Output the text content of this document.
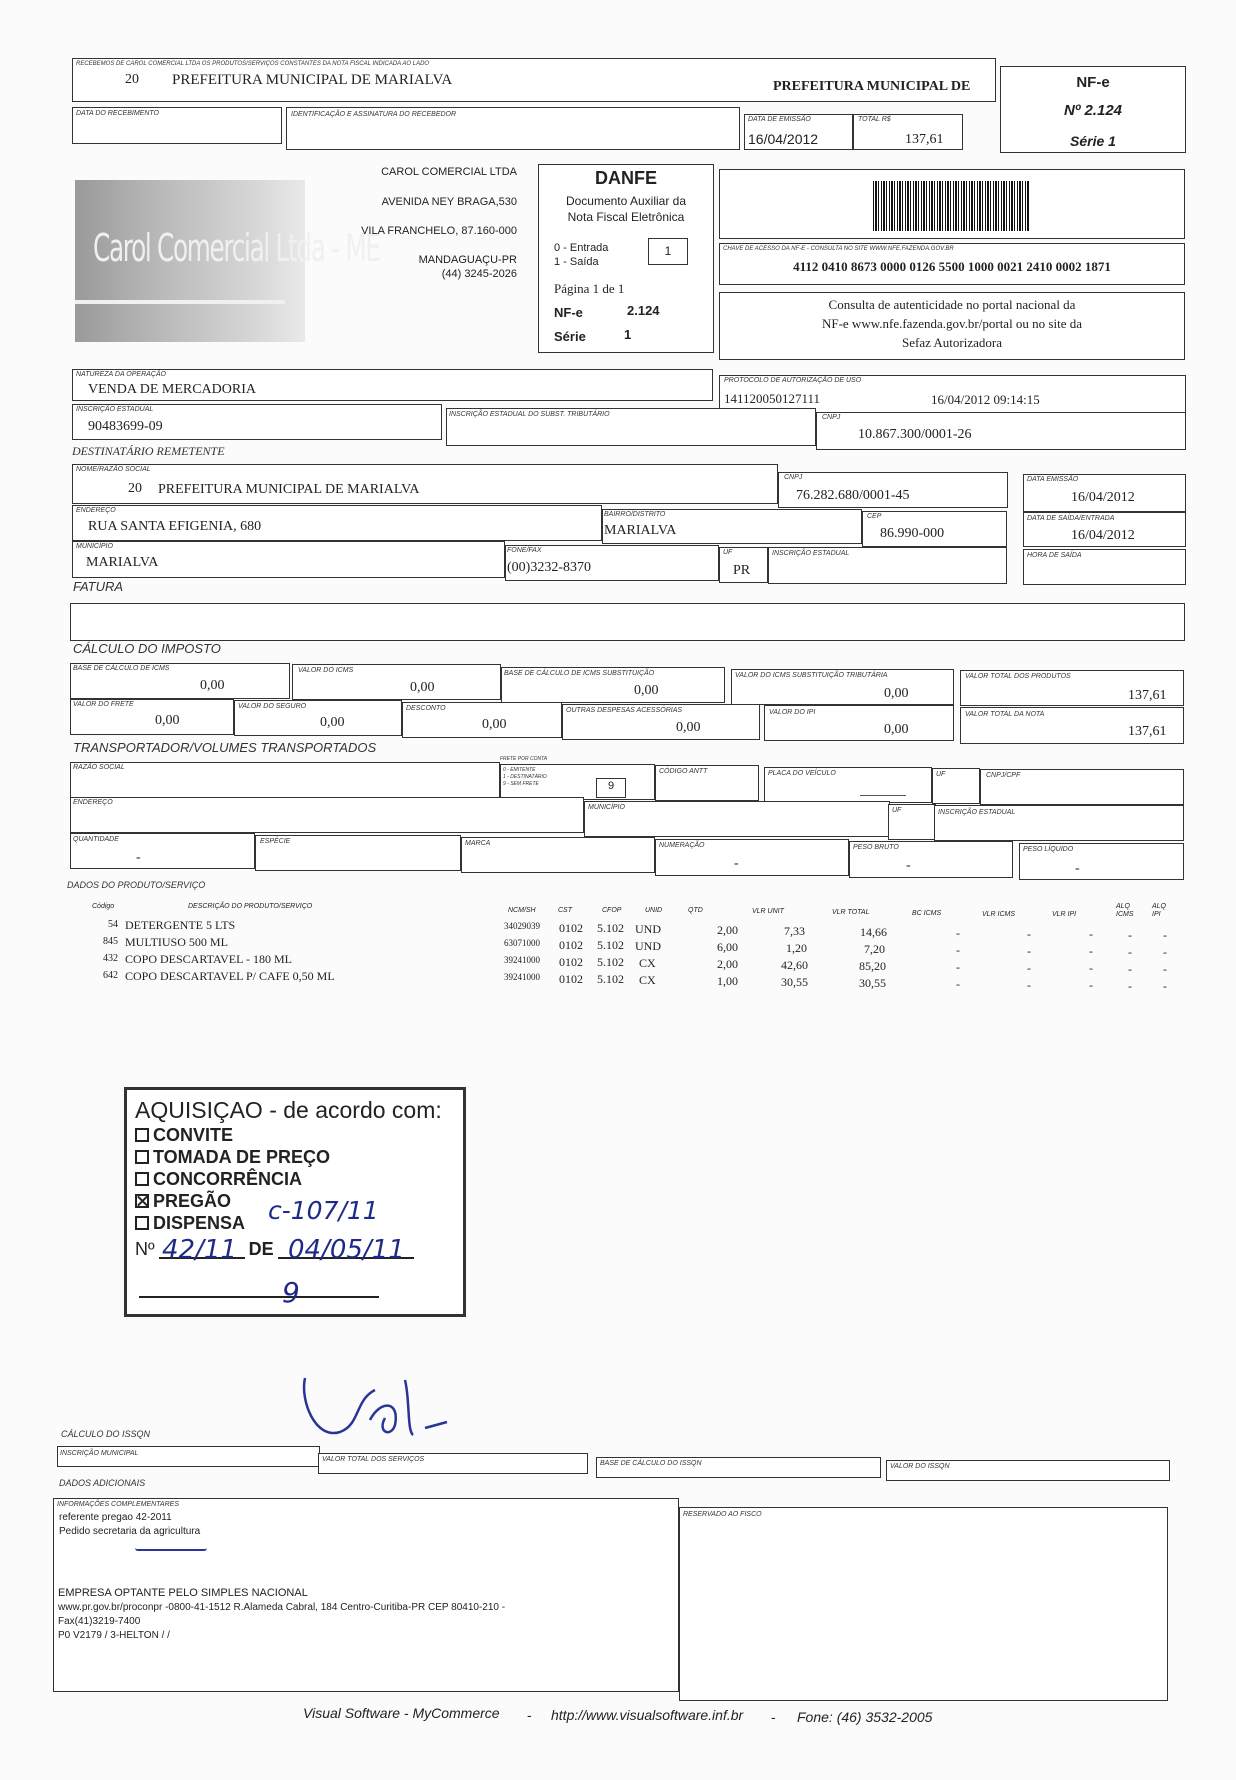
RECEBEMOS DE CAROL COMERCIAL LTDA OS PRODUTOS/SERVIÇOS CONSTANTES DA NOTA FISCAL INDICADA AO LADO
20 PREFEITURA MUNICIPAL DE MARIALVA	PREFEITURA MUNICIPAL DE
DATA DO RECEBIMENTO	IDENTIFICAÇÃO E ASSINATURA DO RECEBEDOR
DATA DE EMISSÃO
16/04/2012
TOTAL R$
137,61
NF-e
Nº 2.124
Série 1
Carol Comercial Ltda - ME
CAROL COMERCIAL LTDA
AVENIDA NEY BRAGA,530
VILA FRANCHELO, 87.160-000
MANDAGUAÇU-PR
(44) 3245-2026
DANFE
Documento Auxiliar da
Nota Fiscal Eletrônica
0 - Entrada
1 - Saída
1
Página 1 de 1
NF-e	2.124
Série	1
CHAVE DE ACESSO DA NF-E - CONSULTA NO SITE WWW.NFE.FAZENDA.GOV.BR
4112 0410 8673 0000 0126 5500 1000 0021 2410 0002 1871
Consulta de autenticidade no portal nacional da
NF-e www.nfe.fazenda.gov.br/portal ou no site da
Sefaz Autorizadora
NATUREZA DA OPERAÇÃO
VENDA DE MERCADORIA
PROTOCOLO DE AUTORIZAÇÃO DE USO
141120050127111	16/04/2012 09:14:15
INSCRIÇÃO ESTADUAL
90483699-09
INSCRIÇÃO ESTADUAL DO SUBST. TRIBUTÁRIO	CNPJ
10.867.300/0001-26
DESTINATÁRIO REMETENTE
NOME/RAZÃO SOCIAL
20 PREFEITURA MUNICIPAL DE MARIALVA
CNPJ
76.282.680/0001-45
DATA EMISSÃO
16/04/2012
ENDEREÇO
RUA SANTA EFIGENIA, 680
BAIRRO/DISTRITO
MARIALVA
CEP
86.990-000
DATA DE SAÍDA/ENTRADA
16/04/2012
MUNICÍPIO
MARIALVA
FONE/FAX
(00)3232-8370
UF
PR
INSCRIÇÃO ESTADUAL	HORA DE SAÍDA
FATURA
CÁLCULO DO IMPOSTO
BASE DE CÁLCULO DE ICMS
0,00
VALOR DO ICMS
0,00
BASE DE CÁLCULO DE ICMS SUBSTITUIÇÃO
0,00
VALOR DO ICMS SUBSTITUIÇÃO TRIBUTÁRIA
0,00
VALOR TOTAL DOS PRODUTOS
137,61
VALOR DO FRETE
0,00
VALOR DO SEGURO
0,00
DESCONTO
0,00
OUTRAS DESPESAS ACESSÓRIAS
0,00
VALOR DO IPI
0,00
VALOR TOTAL DA NOTA
137,61
TRANSPORTADOR/VOLUMES TRANSPORTADOS
RAZÃO SOCIAL
FRETE POR CONTA
0 - EMITENTE
1 - DESTINATÁRIO
9 - SEM FRETE	9
CÓDIGO ANTT	PLACA DO VEÍCULO	UF	CNPJ/CPF
ENDEREÇO
MUNICÍPIO	UF	INSCRIÇÃO ESTADUAL
QUANTIDADE
-
ESPÉCIE	MARCA	NUMERAÇÃO
-
PESO BRUTO
-
PESO LÍQUIDO
-
DADOS DO PRODUTO/SERVIÇO
Código	DESCRIÇÃO DO PRODUTO/SERVIÇO
NCM/SH	CST	CFOP	UNID	QTD	VLR UNIT	VLR TOTAL	BC ICMS	VLR ICMS	VLR IPI
ALQ ICMS
ALQ IPI
54 DETERGENTE 5 LTS	34029039 0102 5.102 UND	2,00	7,33	14,66	-	-	-	-	-
845 MULTIUSO 500 ML	63071000 0102 5.102 UND	6,00	1,20	7,20	-	-	-	-	-
432 COPO DESCARTAVEL - 180 ML	39241000 0102 5.102 CX	2,00	42,60	85,20	-	-	-	-	-
642 COPO DESCARTAVEL P/ CAFE 0,50 ML	39241000 0102 5.102 CX	1,00	30,55	30,55	-	-	-	-	-
AQUISIÇAO - de acordo com:
CONVITE
TOMADA DE PREÇO
CONCORRÊNCIA
PREGÃO
DISPENSA
Nº	DE
c-107/11
42/11 04/05/11
9
CÁLCULO DO ISSQN
INSCRIÇÃO MUNICIPAL
VALOR TOTAL DOS SERVIÇOS
BASE DE CÁLCULO DO ISSQN	VALOR DO ISSQN
DADOS ADICIONAIS
INFORMAÇÕES COMPLEMENTARES
referente pregao 42-2011
Pedido secretaria da agricultura
EMPRESA OPTANTE PELO SIMPLES NACIONAL
www.pr.gov.br/proconpr -0800-41-1512 R.Alameda Cabral, 184 Centro-Curitiba-PR CEP 80410-210 -
Fax(41)3219-7400
P0 V2179 / 3-HELTON / /
RESERVADO AO FISCO
Visual Software - MyCommerce - http://www.visualsoftware.inf.br - Fone: (46) 3532-2005
